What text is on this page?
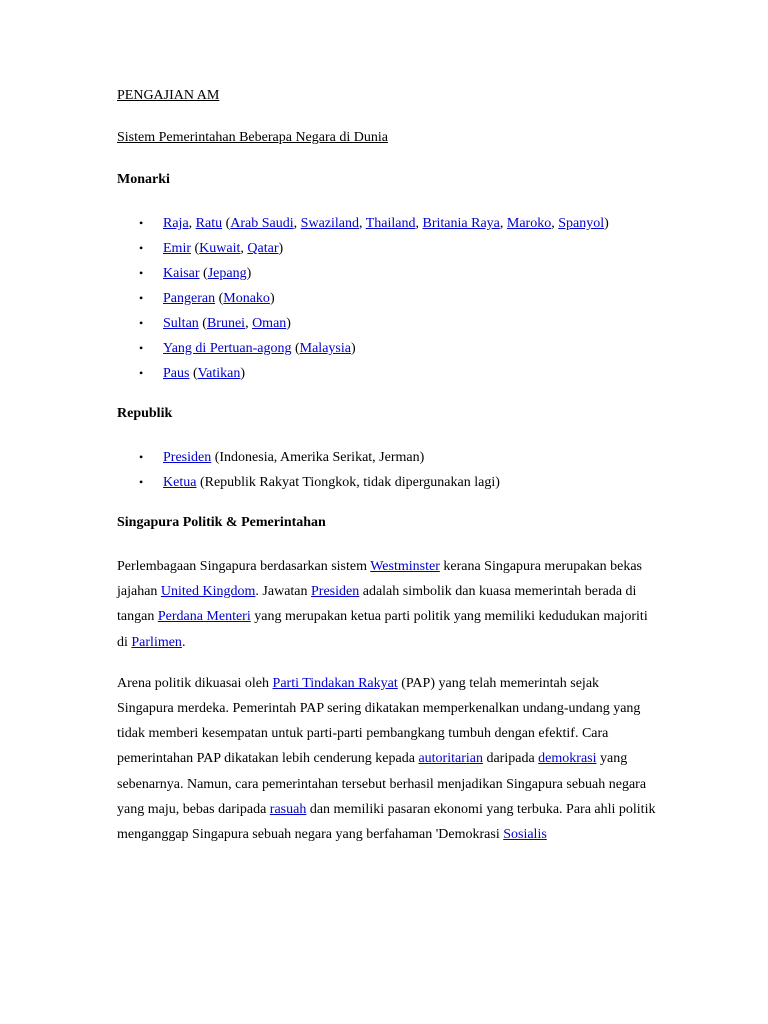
PENGAJIAN AM

Sistem Pemerintahan Beberapa Negara di Dunia

Monarki

• Raja, Ratu (Arab Saudi, Swaziland, Thailand, Britania Raya, Maroko, Spanyol)
• Emir (Kuwait, Qatar)
• Kaisar (Jepang)
• Pangeran (Monako)
• Sultan (Brunei, Oman)
• Yang di Pertuan-agong (Malaysia)
• Paus (Vatikan)

Republik

• Presiden (Indonesia, Amerika Serikat, Jerman)
• Ketua (Republik Rakyat Tiongkok, tidak dipergunakan lagi)

Singapura Politik & Pemerintahan

Perlembagaan Singapura berdasarkan sistem Westminster kerana Singapura merupakan bekas jajahan United Kingdom. Jawatan Presiden adalah simbolik dan kuasa memerintah berada di tangan Perdana Menteri yang merupakan ketua parti politik yang memiliki kedudukan majoriti di Parlimen.

Arena politik dikuasai oleh Parti Tindakan Rakyat (PAP) yang telah memerintah sejak Singapura merdeka. Pemerintah PAP sering dikatakan memperkenalkan undang-undang yang tidak memberi kesempatan untuk parti-parti pembangkang tumbuh dengan efektif. Cara pemerintahan PAP dikatakan lebih cenderung kepada autoritarian daripada demokrasi yang sebenarnya. Namun, cara pemerintahan tersebut berhasil menjadikan Singapura sebuah negara yang maju, bebas daripada rasuah dan memiliki pasaran ekonomi yang terbuka. Para ahli politik menganggap Singapura sebuah negara yang berfahaman 'Demokrasi Sosialis
